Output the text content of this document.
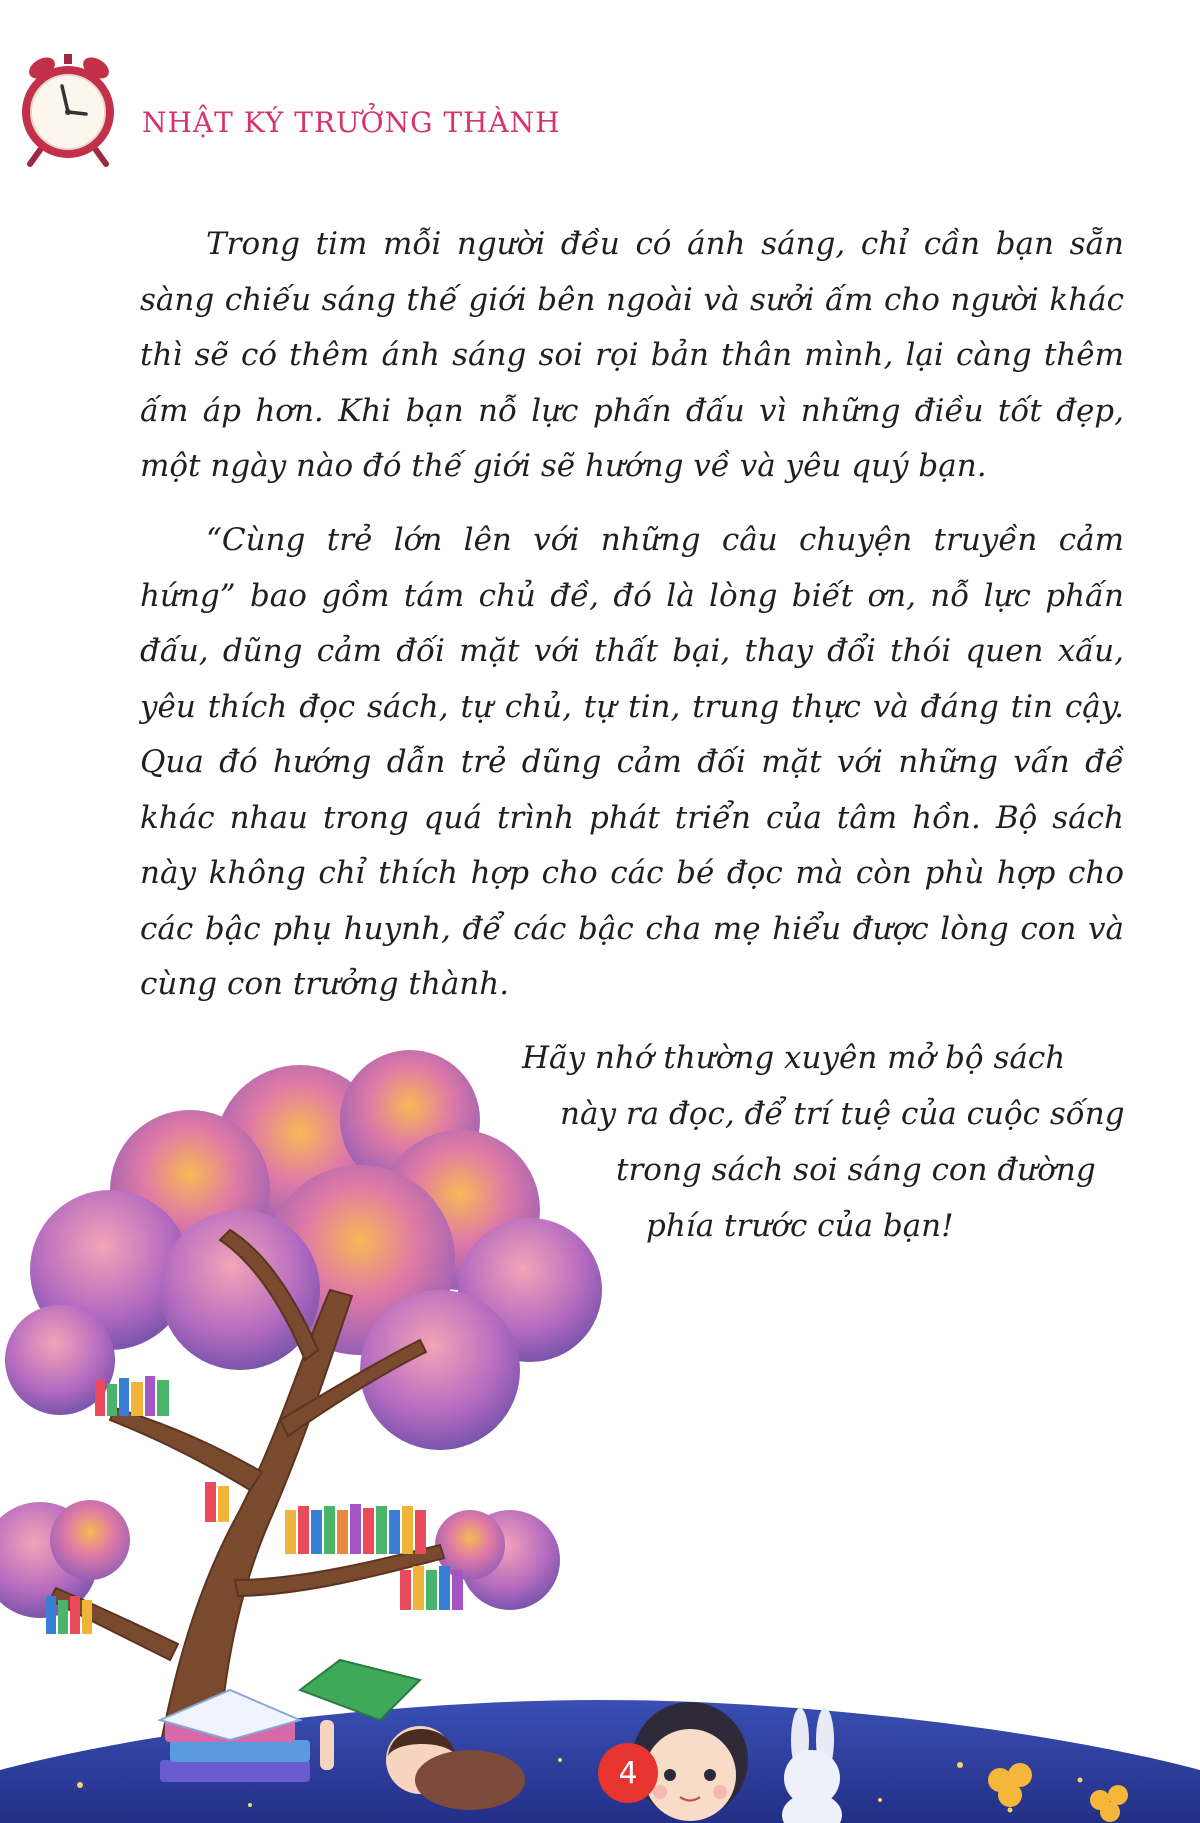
NHẬT KÝ TRƯỞNG THÀNH

Trong tim mỗi người đều có ánh sáng, chỉ cần bạn sẵn sàng chiếu sáng thế giới bên ngoài và sưởi ấm cho người khác thì sẽ có thêm ánh sáng soi rọi bản thân mình, lại càng thêm ấm áp hơn. Khi bạn nỗ lực phấn đấu vì những điều tốt đẹp, một ngày nào đó thế giới sẽ hướng về và yêu quý bạn.

“Cùng trẻ lớn lên với những câu chuyện truyền cảm hứng” bao gồm tám chủ đề, đó là lòng biết ơn, nỗ lực phấn đấu, dũng cảm đối mặt với thất bại, thay đổi thói quen xấu, yêu thích đọc sách, tự chủ, tự tin, trung thực và đáng tin cậy. Qua đó hướng dẫn trẻ dũng cảm đối mặt với những vấn đề khác nhau trong quá trình phát triển của tâm hồn. Bộ sách này không chỉ thích hợp cho các bé đọc mà còn phù hợp cho các bậc phụ huynh, để các bậc cha mẹ hiểu được lòng con và cùng con trưởng thành.

Hãy nhớ thường xuyên mở bộ sách
này ra đọc, để trí tuệ của cuộc sống
trong sách soi sáng con đường
phía trước của bạn!
4
